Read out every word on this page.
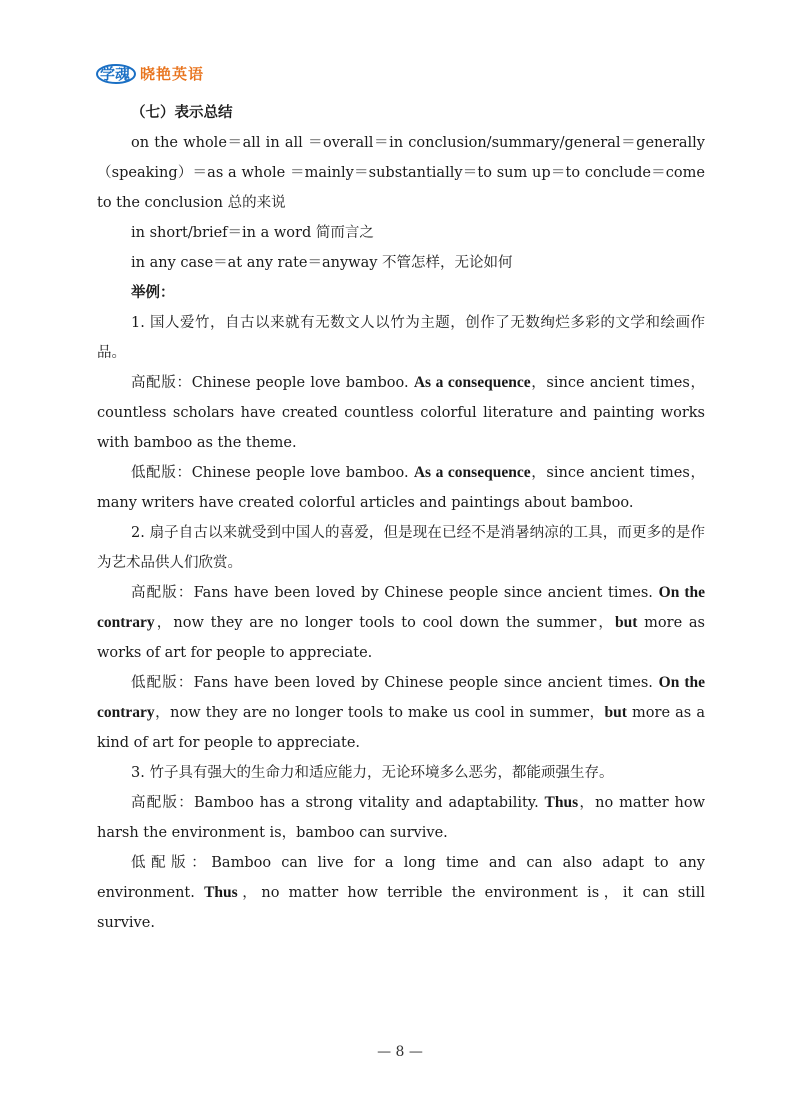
学魂 晓艳英语

（七）表示总结

on the whole＝all in all ＝overall＝in conclusion/summary/general＝generally（speaking）＝as a whole ＝mainly＝substantially＝to sum up＝to conclude＝come to the conclusion 总的来说

in short/brief＝in a word 简而言之

in any case＝at any rate＝anyway 不管怎样，无论如何

举例：

1. 国人爱竹，自古以来就有无数文人以竹为主题，创作了无数绚烂多彩的文学和绘画作品。

高配版：Chinese people love bamboo. As a consequence，since ancient times，countless scholars have created countless colorful literature and painting works with bamboo as the theme.

低配版：Chinese people love bamboo. As a consequence，since ancient times，many writers have created colorful articles and paintings about bamboo.

2. 扇子自古以来就受到中国人的喜爱，但是现在已经不是消暑纳凉的工具，而更多的是作为艺术品供人们欣赏。

高配版：Fans have been loved by Chinese people since ancient times. On the contrary，now they are no longer tools to cool down the summer，but more as works of art for people to appreciate.

低配版：Fans have been loved by Chinese people since ancient times. On the contrary，now they are no longer tools to make us cool in summer，but more as a kind of art for people to appreciate.

3. 竹子具有强大的生命力和适应能力，无论环境多么恶劣，都能顽强生存。

高配版：Bamboo has a strong vitality and adaptability. Thus，no matter how harsh the environment is，bamboo can survive.

低配版：Bamboo can live for a long time and can also adapt to any environment. Thus，no matter how terrible the environment is，it can still survive.

— 8 —
